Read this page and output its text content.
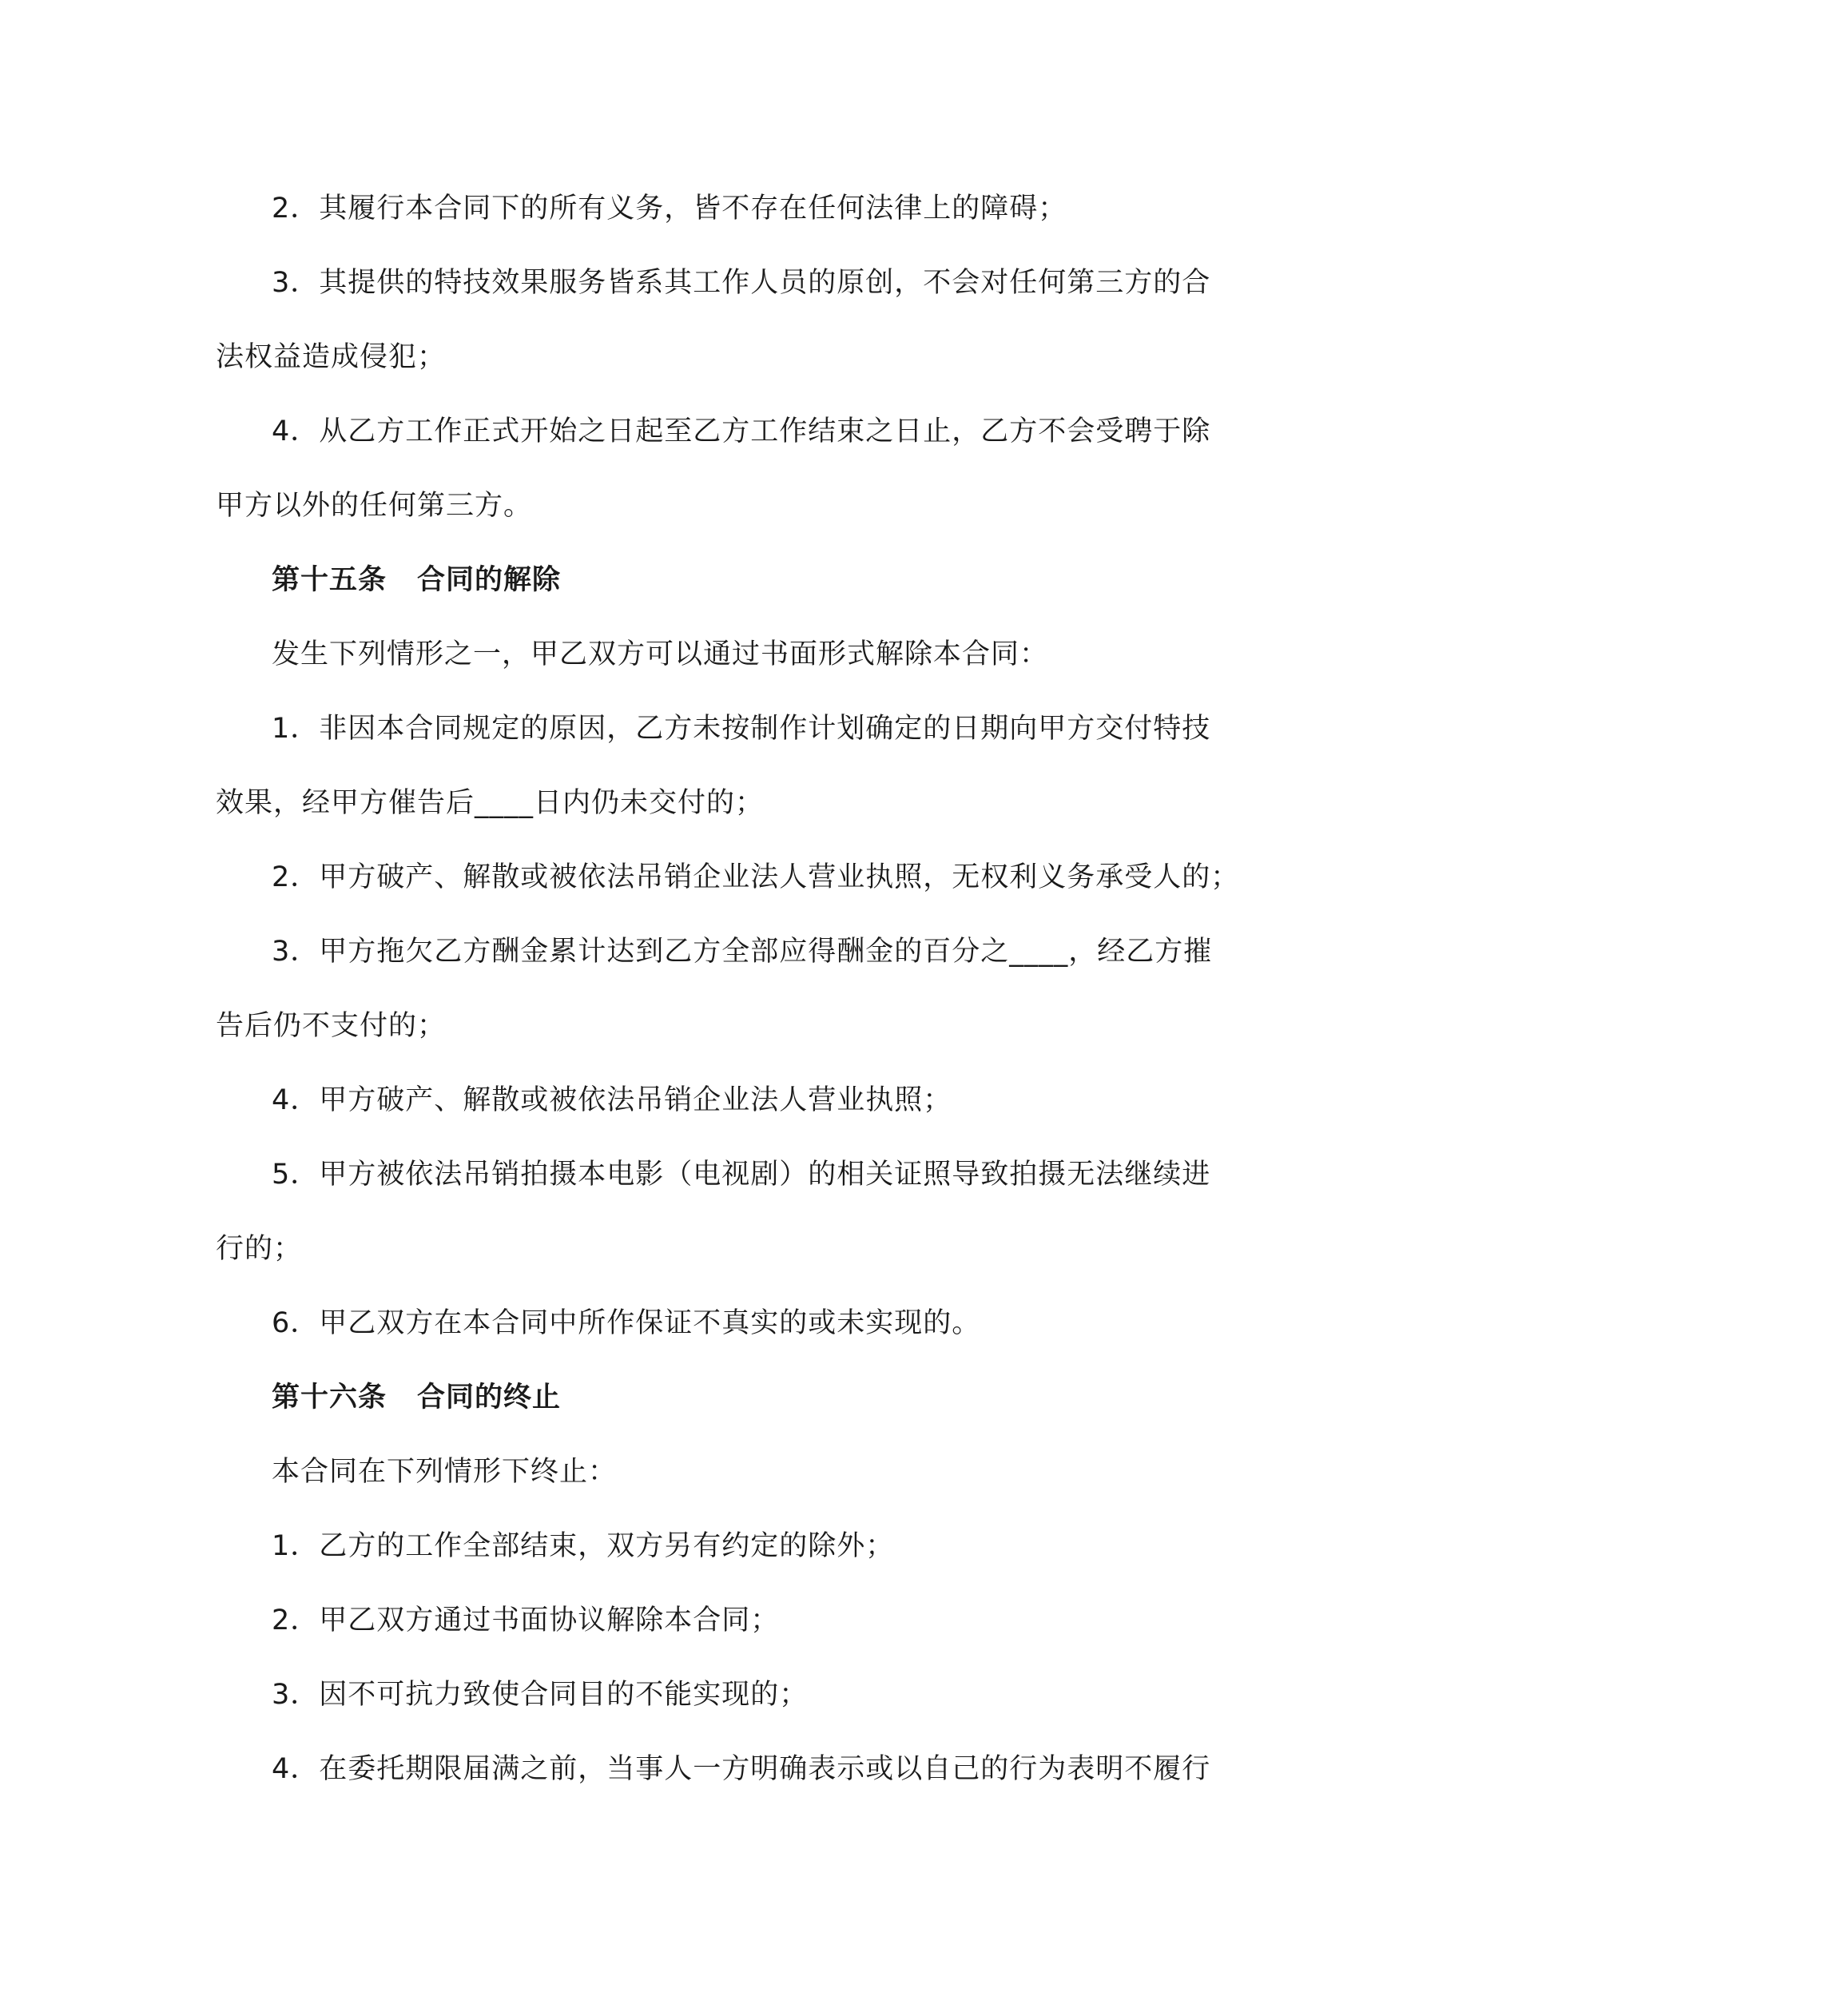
2．其履行本合同下的所有义务，皆不存在任何法律上的障碍；
3．其提供的特技效果服务皆系其工作人员的原创，不会对任何第三方的合
法权益造成侵犯；
4．从乙方工作正式开始之日起至乙方工作结束之日止，乙方不会受聘于除
甲方以外的任何第三方。
第十五条 合同的解除
发生下列情形之一，甲乙双方可以通过书面形式解除本合同：
1．非因本合同规定的原因，乙方未按制作计划确定的日期向甲方交付特技
效果，经甲方催告后____日内仍未交付的；
2．甲方破产、解散或被依法吊销企业法人营业执照，无权利义务承受人的；
3．甲方拖欠乙方酬金累计达到乙方全部应得酬金的百分之____，经乙方摧
告后仍不支付的；
4．甲方破产、解散或被依法吊销企业法人营业执照；
5．甲方被依法吊销拍摄本电影（电视剧）的相关证照导致拍摄无法继续进
行的；
6．甲乙双方在本合同中所作保证不真实的或未实现的。
第十六条 合同的终止
本合同在下列情形下终止：
1．乙方的工作全部结束，双方另有约定的除外；
2．甲乙双方通过书面协议解除本合同；
3．因不可抗力致使合同目的不能实现的；
4．在委托期限届满之前，当事人一方明确表示或以自己的行为表明不履行
